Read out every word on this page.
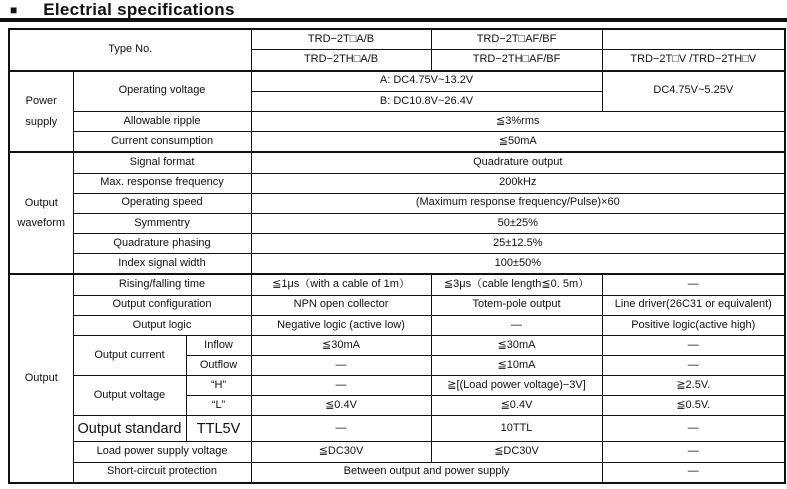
■ Electrial specifications
Type No.			TRD−2T□A/B	TRD−2T□AF/BF	
			TRD−2TH□A/B	TRD−2TH□AF/BF	TRD−2T□V /TRD−2TH□V
Power supply	Operating voltage		A: DC4.75V~13.2V		DC4.75V~5.25V
			B: DC10.8V~26.4V		
	Allowable ripple		≦3%rms		
	Current consumption		≦50mA		
Output waveform	Signal format		Quadrature output		
	Max. response frequency		200kHz		
	Operating speed		(Maximum response frequency/Pulse)×60		
	Symmentry		50±25%		
	Quadrature phasing		25±12.5%		
	Index signal width		100±50%		
Output	Rising/falling time		≦1μs（with a cable of 1m）	≦3μs（cable length≦0. 5m）	—
	Output configuration		NPN open collector	Totem-pole output	Line driver(26C31 or equivalent)
	Output logic		Negative logic (active low)	—	Positive logic(active high)
	Output current	Inflow	≦30mA	≦30mA	—
		Outflow	—	≦10mA	—
	Output voltage	“H”	—	≧[(Load power voltage)−3V]	≧2.5V.
		“L”	≦0.4V	≦0.4V	≦0.5V.
	Output standard	TTL5V	—	10TTL	—
	Load power supply voltage		≦DC30V	≦DC30V	—
	Short-circuit protection		Between output and power supply		—
